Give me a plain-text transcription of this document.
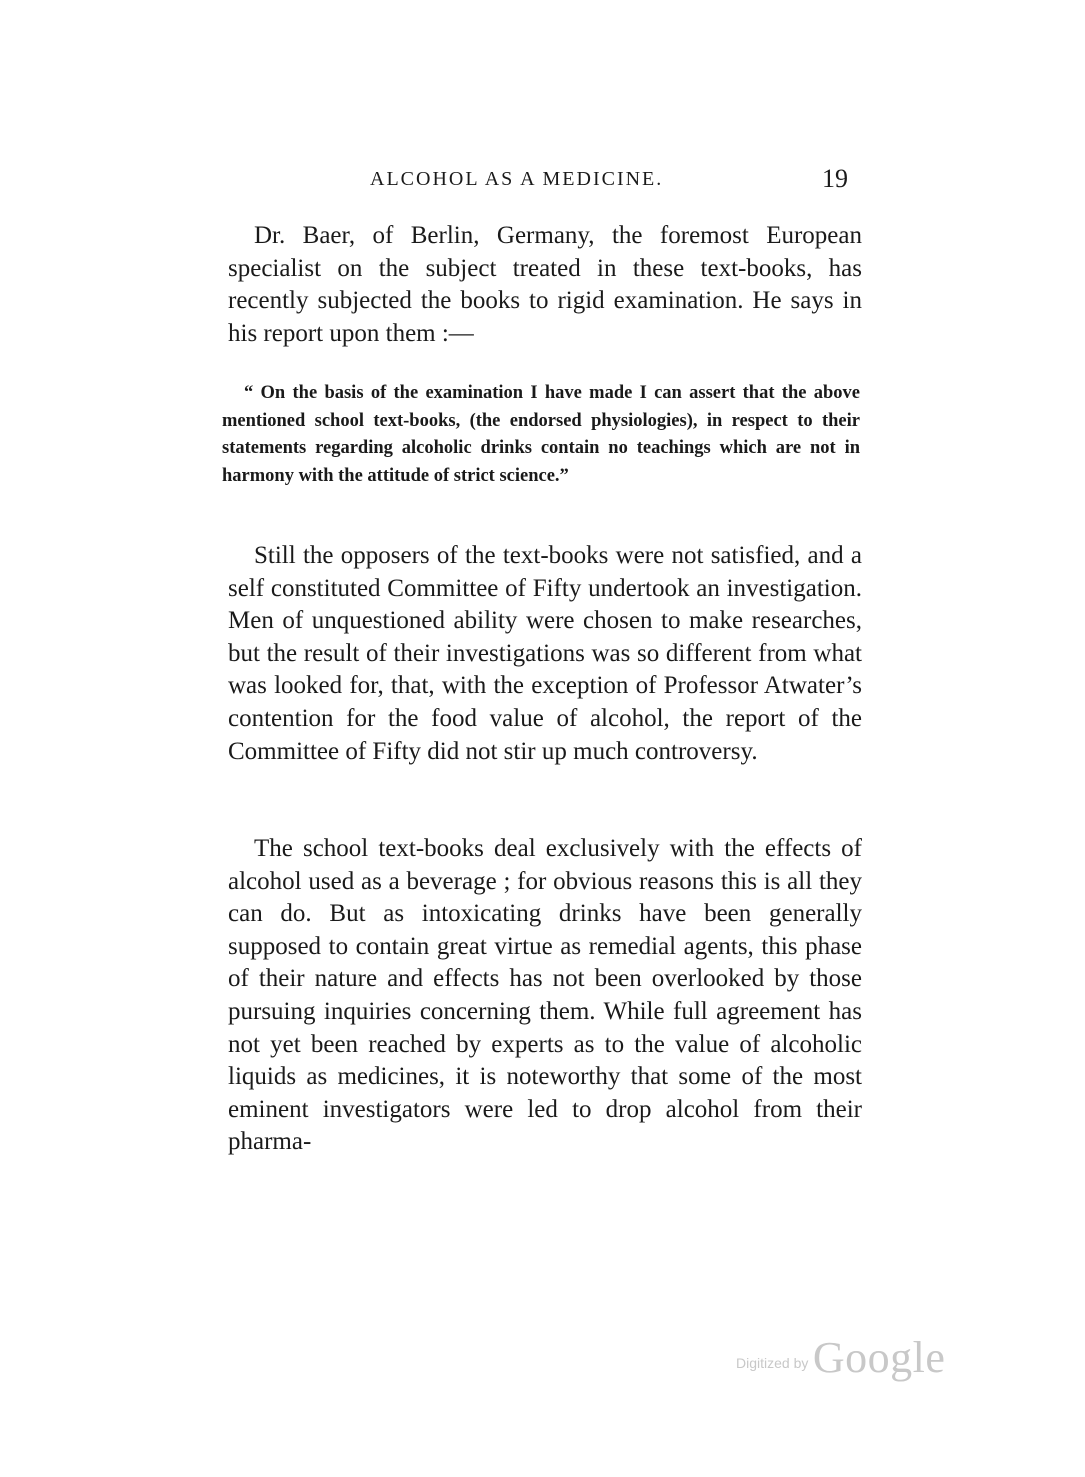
ALCOHOL AS A MEDICINE.	19

Dr. Baer, of Berlin, Germany, the foremost European specialist on the subject treated in these text-books, has recently subjected the books to rigid examination. He says in his report upon them :—

“ On the basis of the examination I have made I can assert that the above mentioned school text-books, (the endorsed physiologies), in respect to their statements regarding alcoholic drinks contain no teachings which are not in harmony with the attitude of strict science.”

Still the opposers of the text-books were not satisfied, and a self constituted Committee of Fifty undertook an investigation. Men of unquestioned ability were chosen to make researches, but the result of their investigations was so different from what was looked for, that, with the exception of Professor Atwater’s contention for the food value of alcohol, the report of the Committee of Fifty did not stir up much controversy.

The school text-books deal exclusively with the effects of alcohol used as a beverage ; for obvious reasons this is all they can do. But as intoxicating drinks have been generally supposed to contain great virtue as remedial agents, this phase of their nature and effects has not been overlooked by those pursuing inquiries concerning them. While full agreement has not yet been reached by experts as to the value of alcoholic liquids as medicines, it is noteworthy that some of the most eminent investigators were led to drop alcohol from their pharma-

Digitized by Google
